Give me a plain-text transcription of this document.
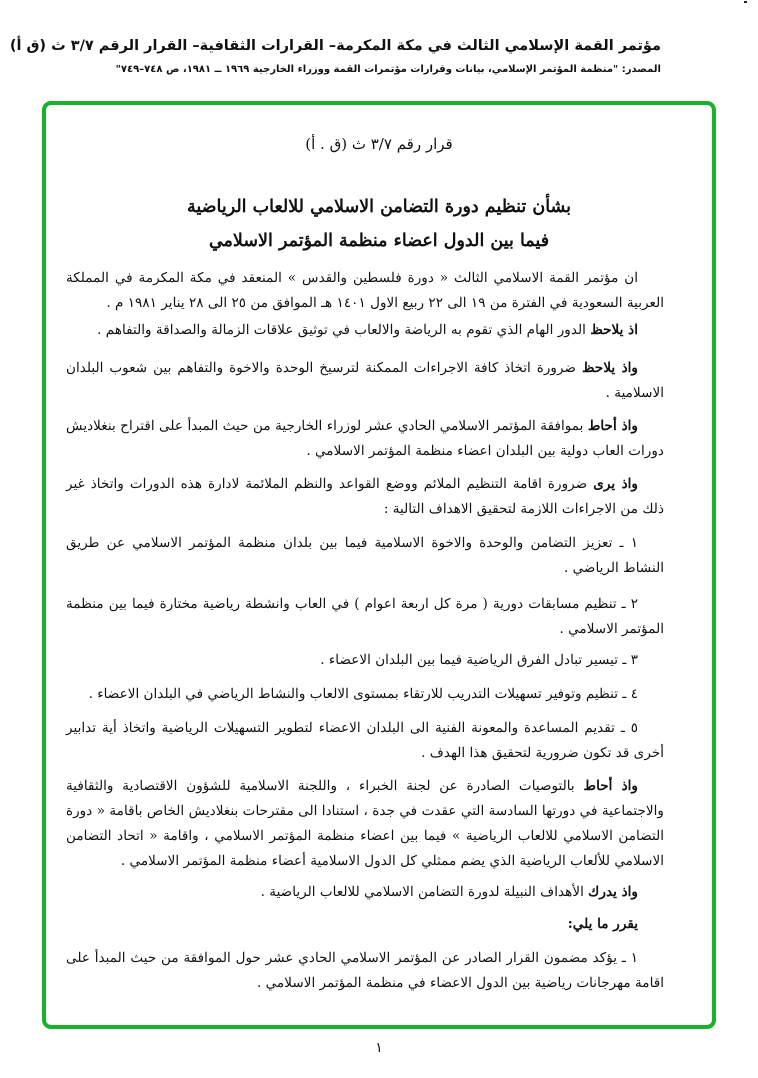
مؤتمر القمة الإسلامي الثالث في مكة المكرمة– القرارات الثقافية– القرار الرقم ٣/٧ ث (ق أ)
المصدر: "منظمة المؤتمر الإسلامي، بيانات وقرارات مؤتمرات القمة ووزراء الخارجية ١٩٦٩ ــ ١٩٨١، ص ٧٤٨–٧٤٩"
قرار رقم ٣/٧ ث (ق . أ)
بشأن تنظيم دورة التضامن الاسلامي للالعاب الرياضية
فيما بين الدول اعضاء منظمة المؤتمر الاسلامي
ان مؤتمر القمة الاسلامي الثالث « دورة فلسطين والقدس » المنعقد في مكة المكرمة في المملكة العربية السعودية في الفترة من ١٩ الى ٢٢ ربيع الاول ١٤٠١ هـ الموافق من ٢٥ الى ٢٨ يناير ١٩٨١ م .
اذ يلاحظ الدور الهام الذي تقوم به الرياضة والالعاب في توثيق علاقات الزمالة والصداقة والتفاهم .
واذ يلاحظ ضرورة اتخاذ كافة الاجراءات الممكنة لترسيخ الوحدة والاخوة والتفاهم بين شعوب البلدان الاسلامية .
واذ أحاط بموافقة المؤتمر الاسلامي الحادي عشر لوزراء الخارجية من حيث المبدأ على اقتراح بنغلاديش دورات العاب دولية بين البلدان اعضاء منظمة المؤتمر الاسلامي .
واذ يرى ضرورة اقامة التنظيم الملائم ووضع القواعد والنظم الملائمة لادارة هذه الدورات واتخاذ غير ذلك من الاجراءات اللازمة لتحقيق الاهداف التالية :
١ ـ تعزيز التضامن والوحدة والاخوة الاسلامية فيما بين بلدان منظمة المؤتمر الاسلامي عن طريق النشاط الرياضي .
٢ ـ تنظيم مسابقات دورية ( مرة كل اربعة اعوام ) في العاب وانشطة رياضية مختارة فيما بين منظمة المؤتمر الاسلامي .
٣ ـ تيسير تبادل الفرق الرياضية فيما بين البلدان الاعضاء .
٤ ـ تنظيم وتوفير تسهيلات التدريب للارتقاء بمستوى الالعاب والنشاط الرياضي في البلدان الاعضاء .
٥ ـ تقديم المساعدة والمعونة الفنية الى البلدان الاعضاء لتطوير التسهيلات الرياضية واتخاذ أية تدابير أخرى قد تكون ضرورية لتحقيق هذا الهدف .
واذ أحاط بالتوصيات الصادرة عن لجنة الخبراء ، واللجنة الاسلامية للشؤون الاقتصادية والثقافية والاجتماعية في دورتها السادسة التي عقدت في جدة ، استنادا الى مقترحات بنغلاديش الخاص باقامة « دورة التضامن الاسلامي للالعاب الرياضية » فيما بين اعضاء منظمة المؤتمر الاسلامي ، واقامة « اتحاد التضامن الاسلامي للألعاب الرياضية الذي يضم ممثلي كل الدول الاسلامية أعضاء منظمة المؤتمر الاسلامي .
واذ يدرك الأهداف النبيلة لدورة التضامن الاسلامي للالعاب الرياضية .
يقرر ما يلي:
١ ـ يؤكد مضمون القرار الصادر عن المؤتمر الاسلامي الحادي عشر حول الموافقة من حيث المبدأ على اقامة مهرجانات رياضية بين الدول الاعضاء في منظمة المؤتمر الاسلامي .
١
